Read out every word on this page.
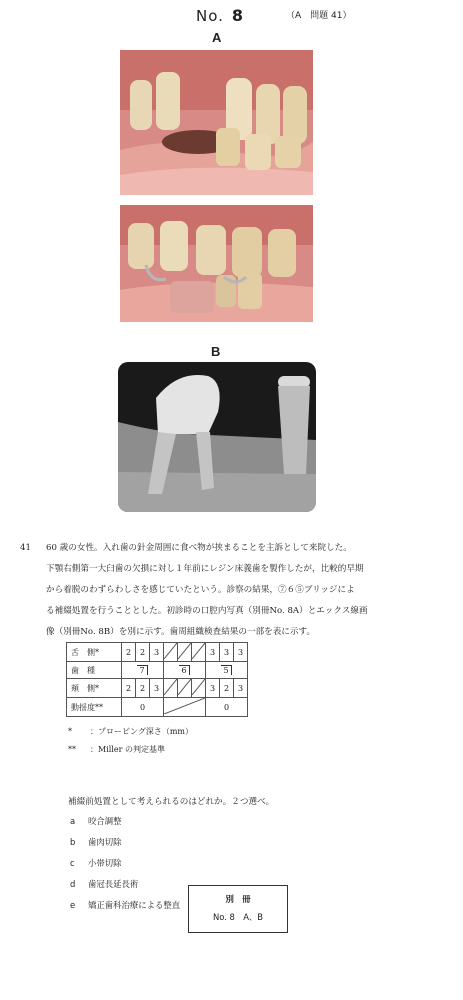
No. 8	（A　問題 41）
A
B
41 60 歳の女性。入れ歯の針金周囲に食べ物が挟まることを主訴として来院した。
下顎右側第一大臼歯の欠損に対し１年前にレジン床義歯を製作したが，比較的早期
から着脱のわずらわしさを感じていたという。診察の結果，⑦６⑤ブリッジによ
る補綴処置を行うこととした。初診時の口腔内写真（別冊No. 8A）とエックス線画
像（別冊No. 8B）を別に示す。歯周組織検査結果の一部を表に示す。
舌　側*	2	2	3				3	3	3
歯　種	7			6			5		
頬　側*	2	2	3				3	2	3
動揺度**	0						0		
* ：プロービング深さ（mm）
** ：Miller の判定基準
補綴前処置として考えられるのはどれか。２つ選べ。
a 咬合調整
b 歯肉切除
c 小帯切除
d 歯冠長延長術
e 矯正歯科治療による整直
別　冊
No. 8　A、B
